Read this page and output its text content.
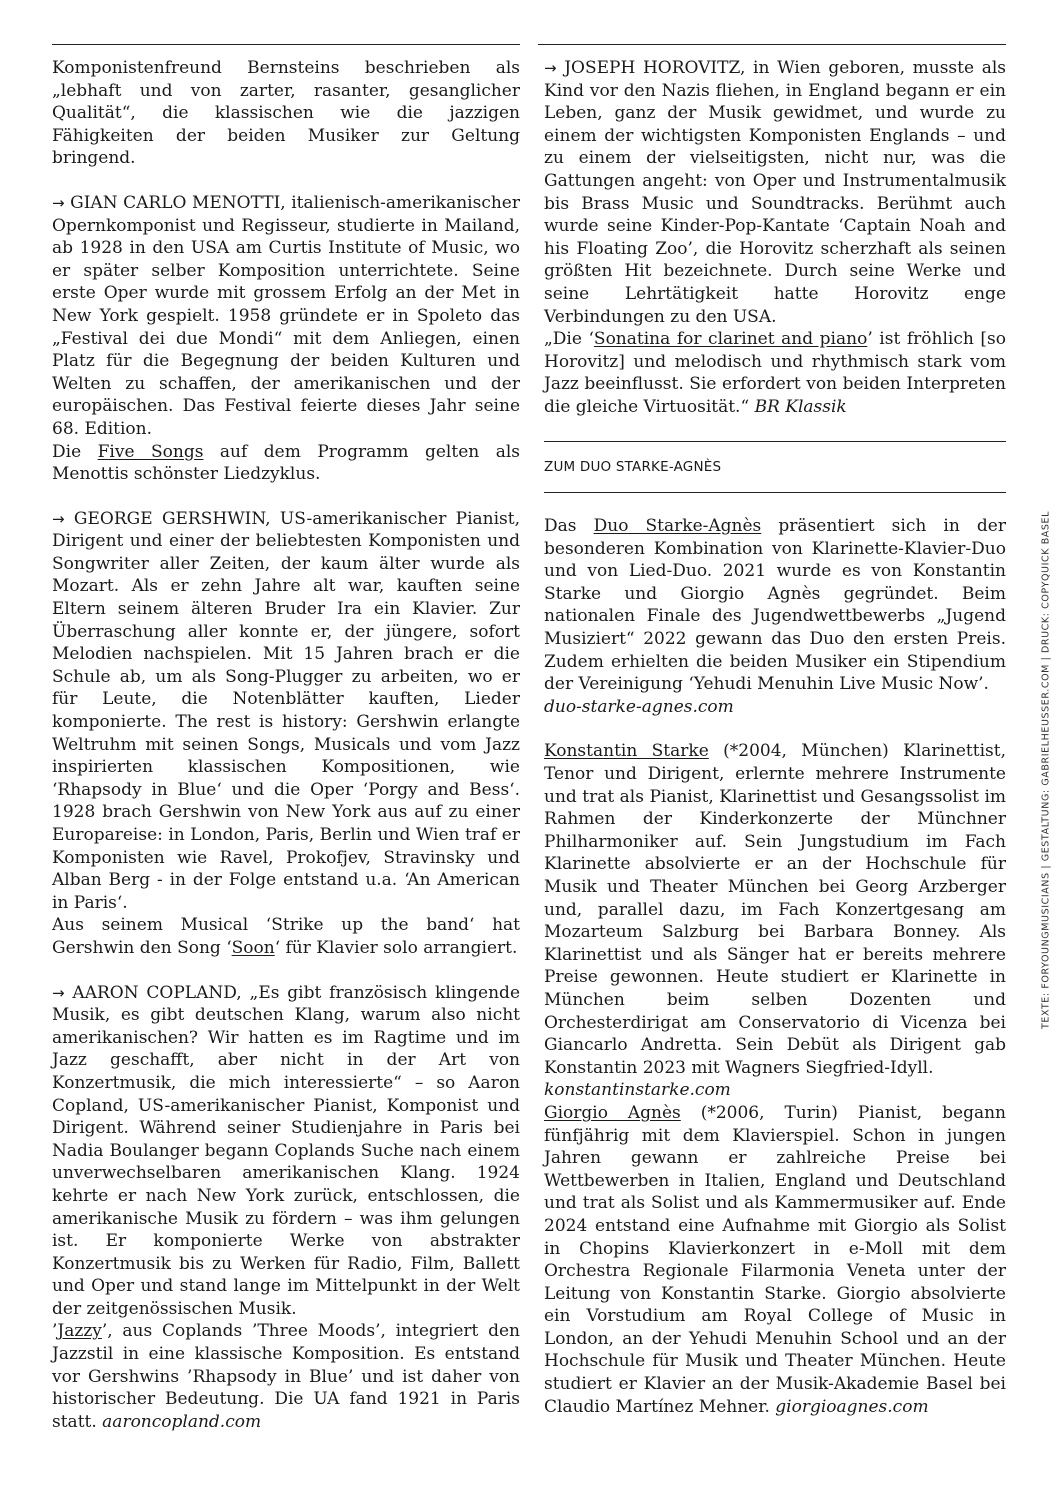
Komponistenfreund Bernsteins beschrieben als „lebhaft und von zarter, rasanter, gesanglicher Qualität“, die klassischen wie die jazzigen Fähigkeiten der beiden Musiker zur Geltung bringend.

→ GIAN CARLO MENOTTI, italienisch-amerikanischer Opernkomponist und Regisseur, studierte in Mailand, ab 1928 in den USA am Curtis Institute of Music, wo er später selber Komposition unterrichtete. Seine erste Oper wurde mit grossem Erfolg an der Met in New York gespielt. 1958 gründete er in Spoleto das „Festival dei due Mondi“ mit dem Anliegen, einen Platz für die Begegnung der beiden Kulturen und Welten zu schaffen, der amerikanischen und der europäischen. Das Festival feierte dieses Jahr seine 68. Edition.

Die Five Songs auf dem Programm gelten als Menottis schönster Liedzyklus.

→ GEORGE GERSHWIN, US-amerikanischer Pianist, Dirigent und einer der beliebtesten Komponisten und Songwriter aller Zeiten, der kaum älter wurde als Mozart. Als er zehn Jahre alt war, kauften seine Eltern seinem älteren Bruder Ira ein Klavier. Zur Überraschung aller konnte er, der jüngere, sofort Melodien nachspielen. Mit 15 Jahren brach er die Schule ab, um als Song-Plugger zu arbeiten, wo er für Leute, die Notenblätter kauften, Lieder komponierte. The rest is history: Gershwin erlangte Weltruhm mit seinen Songs, Musicals und vom Jazz inspirierten klassischen Kompositionen, wie ‘Rhapsody in Blue‘ und die Oper ‘Porgy and Bess‘. 1928 brach Gershwin von New York aus auf zu einer Europareise: in London, Paris, Berlin und Wien traf er Komponisten wie Ravel, Prokofjev, Stravinsky und Alban Berg - in der Folge entstand u.a. ‘An American in Paris‘.

Aus seinem Musical ‘Strike up the band‘ hat Gershwin den Song ‘Soon‘ für Klavier solo arrangiert.

→ AARON COPLAND, „Es gibt französisch klingende Musik, es gibt deutschen Klang, warum also nicht amerikanischen? Wir hatten es im Ragtime und im Jazz geschafft, aber nicht in der Art von Konzertmusik, die mich interessierte“ – so Aaron Copland, US-amerikanischer Pianist, Komponist und Dirigent. Während seiner Studienjahre in Paris bei Nadia Boulanger begann Coplands Suche nach einem unverwechselbaren amerikanischen Klang. 1924 kehrte er nach New York zurück, entschlossen, die amerikanische Musik zu fördern – was ihm gelungen ist. Er komponierte Werke von abstrakter Konzertmusik bis zu Werken für Radio, Film, Ballett und Oper und stand lange im Mittelpunkt in der Welt der zeitgenössischen Musik.

’Jazzy’, aus Coplands ’Three Moods’, integriert den Jazzstil in eine klassische Komposition. Es entstand vor Gershwins ’Rhapsody in Blue’ und ist daher von historischer Bedeutung. Die UA fand 1921 in Paris statt. aaroncopland.com

→ JOSEPH HOROVITZ, in Wien geboren, musste als Kind vor den Nazis fliehen, in England begann er ein Leben, ganz der Musik gewidmet, und wurde zu einem der wichtigsten Komponisten Englands – und zu einem der vielseitigsten, nicht nur, was die Gattungen angeht: von Oper und Instrumentalmusik bis Brass Music und Soundtracks. Berühmt auch wurde seine Kinder-Pop-Kantate ‘Captain Noah and his Floating Zoo’, die Horovitz scherzhaft als seinen größten Hit bezeichnete. Durch seine Werke und seine Lehrtätigkeit hatte Horovitz enge Verbindungen zu den USA.

„Die ‘Sonatina for clarinet and piano’ ist fröhlich [so Horovitz] und melodisch und rhythmisch stark vom Jazz beeinflusst. Sie erfordert von beiden Interpreten die gleiche Virtuosität.“ BR Klassik

ZUM DUO STARKE-AGNÈS

Das Duo Starke-Agnès präsentiert sich in der besonderen Kombination von Klarinette-Klavier-Duo und von Lied-Duo. 2021 wurde es von Konstantin Starke und Giorgio Agnès gegründet. Beim nationalen Finale des Jugendwettbewerbs „Jugend Musiziert“ 2022 gewann das Duo den ersten Preis. Zudem erhielten die beiden Musiker ein Stipendium der Vereinigung ‘Yehudi Menuhin Live Music Now’.

duo-starke-agnes.com

Konstantin Starke (*2004, München) Klarinettist, Tenor und Dirigent, erlernte mehrere Instrumente und trat als Pianist, Klarinettist und Gesangssolist im Rahmen der Kinderkonzerte der Münchner Philharmoniker auf. Sein Jungstudium im Fach Klarinette absolvierte er an der Hochschule für Musik und Theater München bei Georg Arzberger und, parallel dazu, im Fach Konzertgesang am Mozarteum Salzburg bei Barbara Bonney. Als Klarinettist und als Sänger hat er bereits mehrere Preise gewonnen. Heute studiert er Klarinette in München beim selben Dozenten und Orchesterdirigat am Conservatorio di Vicenza bei Giancarlo Andretta. Sein Debüt als Dirigent gab Konstantin 2023 mit Wagners Siegfried-Idyll.

konstantinstarke.com

Giorgio Agnès (*2006, Turin) Pianist, begann fünfjährig mit dem Klavierspiel. Schon in jungen Jahren gewann er zahlreiche Preise bei Wettbewerben in Italien, England und Deutschland und trat als Solist und als Kammermusiker auf. Ende 2024 entstand eine Aufnahme mit Giorgio als Solist in Chopins Klavierkonzert in e-Moll mit dem Orchestra Regionale Filarmonia Veneta unter der Leitung von Konstantin Starke. Giorgio absolvierte ein Vorstudium am Royal College of Music in London, an der Yehudi Menuhin School und an der Hochschule für Musik und Theater München. Heute studiert er Klavier an der Musik-Akademie Basel bei Claudio Martínez Mehner. giorgioagnes.com

TEXTE: FORYOUNGMUSICIANS | GESTALTUNG: GABRIELHEUSSER.COM | DRUCK: COPYQUICK BASEL
